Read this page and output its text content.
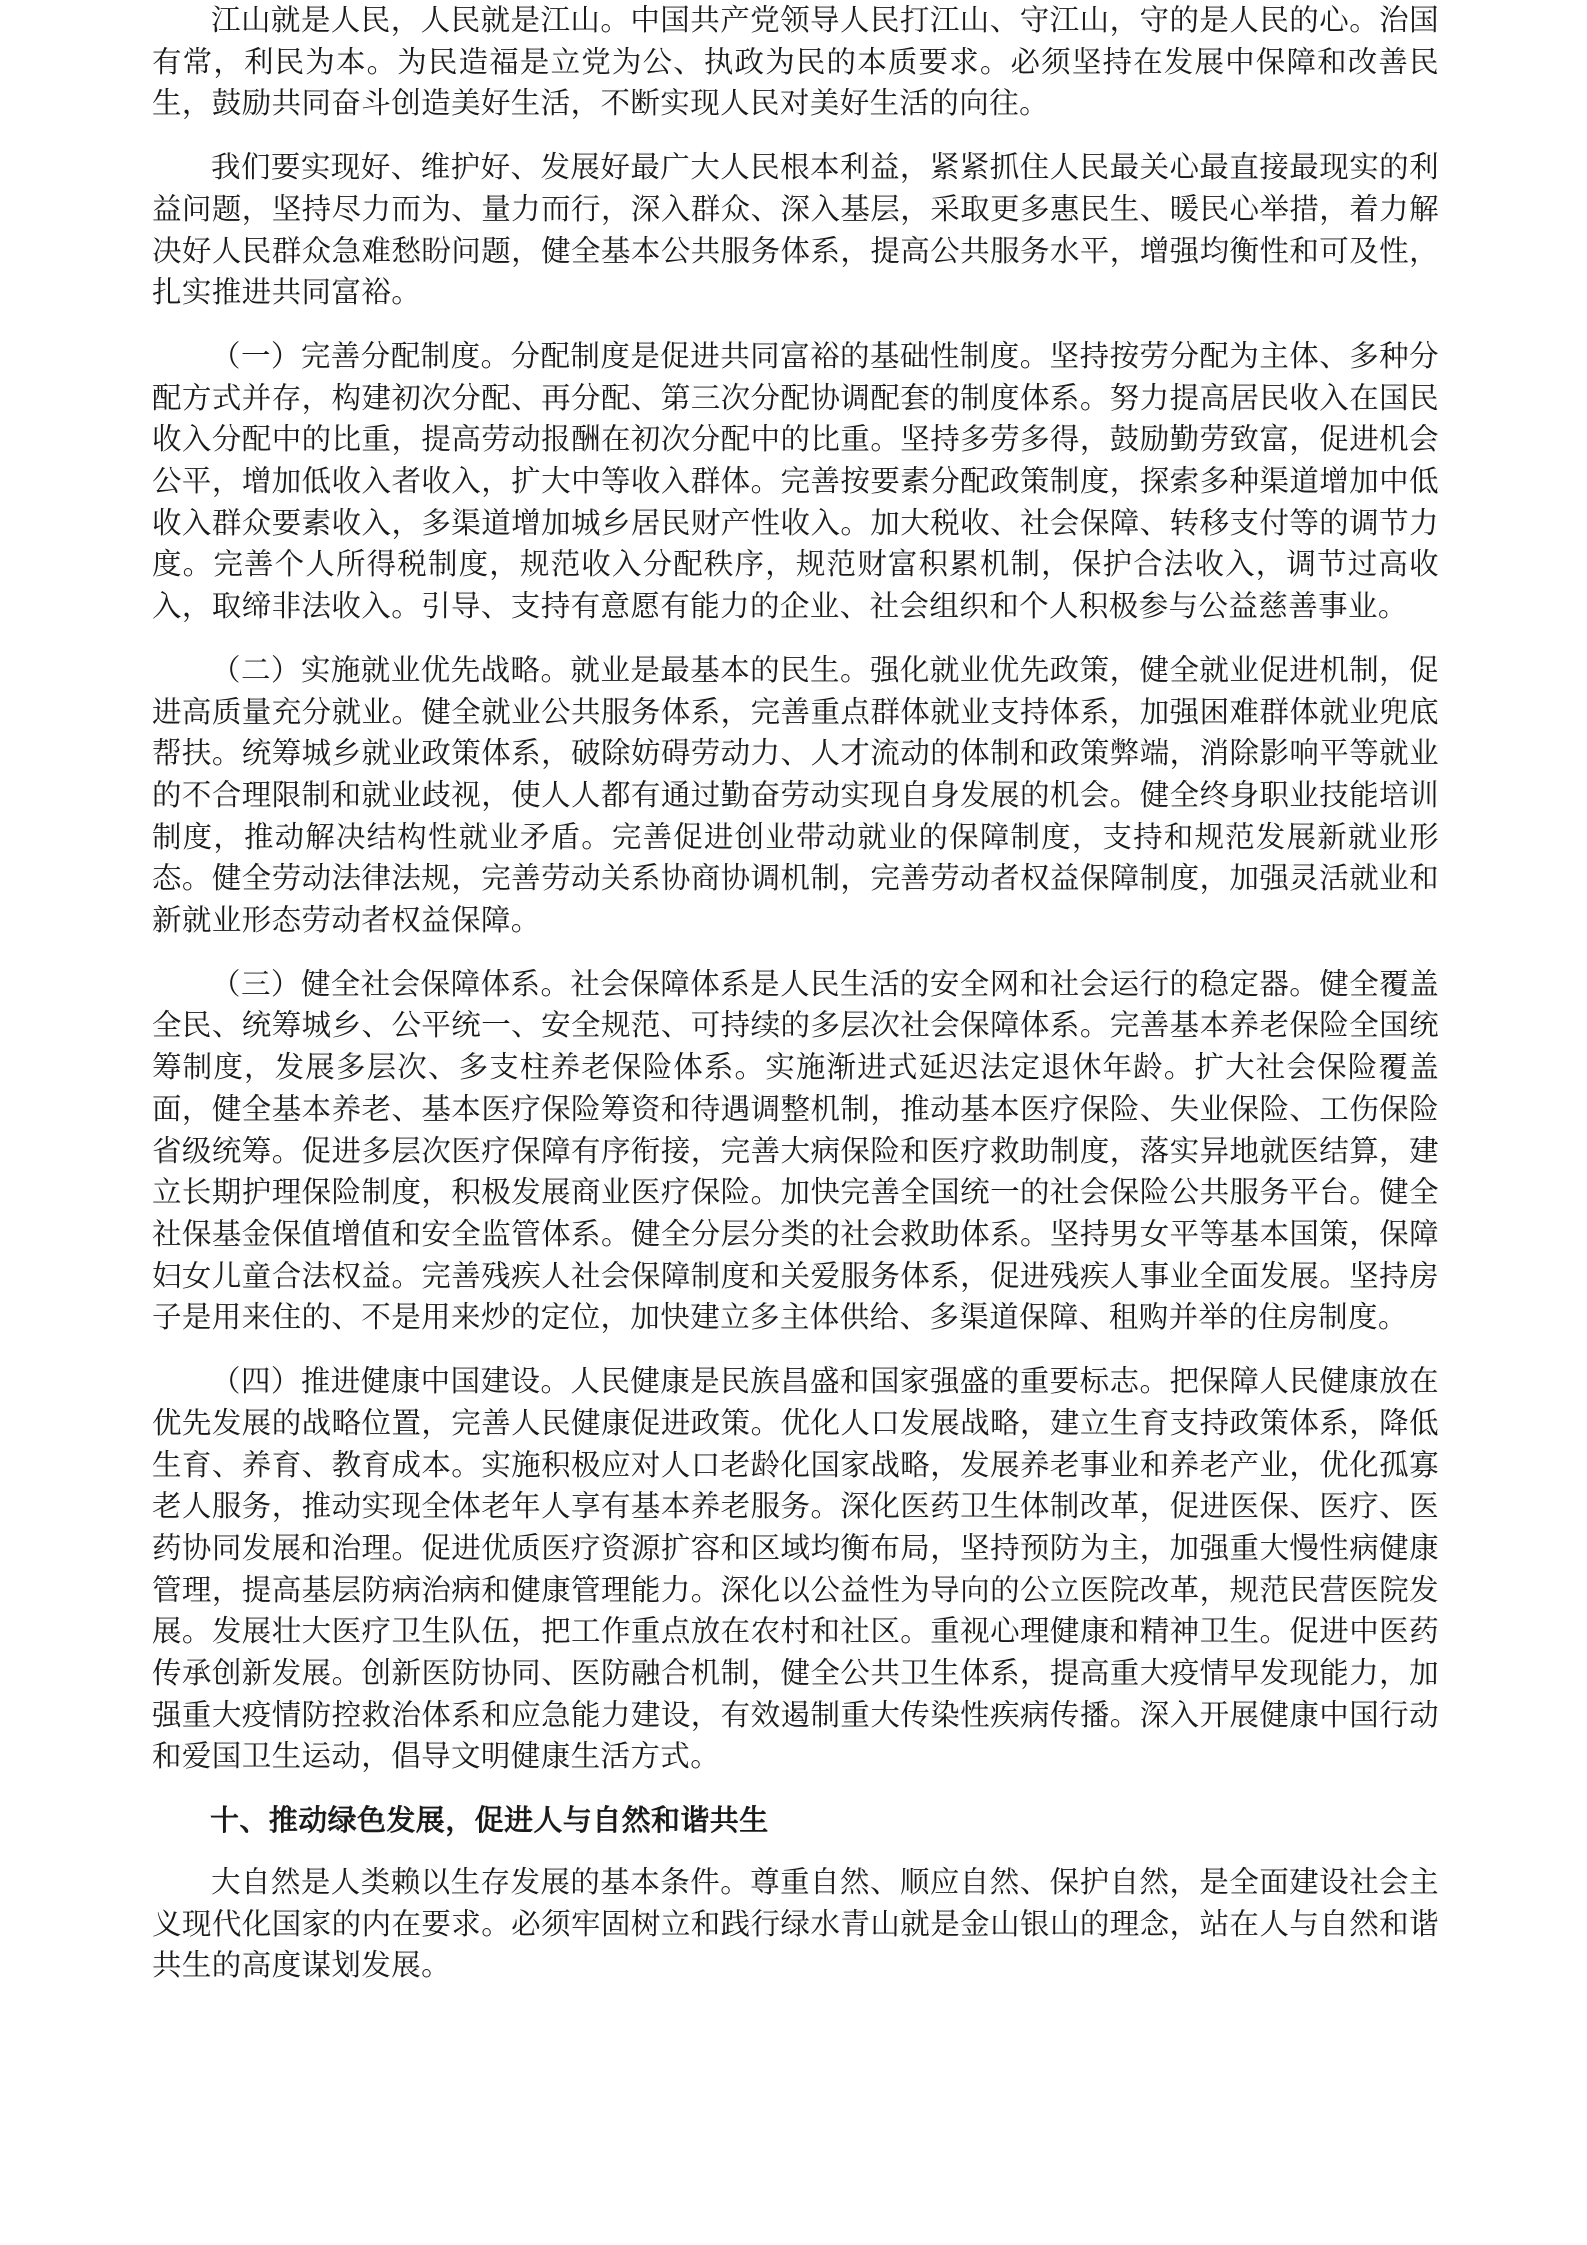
江山就是人民，人民就是江山。中国共产党领导人民打江山、守江山，守的是人民的心。治国有常，利民为本。为民造福是立党为公、执政为民的本质要求。必须坚持在发展中保障和改善民生，鼓励共同奋斗创造美好生活，不断实现人民对美好生活的向往。

我们要实现好、维护好、发展好最广大人民根本利益，紧紧抓住人民最关心最直接最现实的利益问题，坚持尽力而为、量力而行，深入群众、深入基层，采取更多惠民生、暖民心举措，着力解决好人民群众急难愁盼问题，健全基本公共服务体系，提高公共服务水平，增强均衡性和可及性，扎实推进共同富裕。

（一）完善分配制度。分配制度是促进共同富裕的基础性制度。坚持按劳分配为主体、多种分配方式并存，构建初次分配、再分配、第三次分配协调配套的制度体系。努力提高居民收入在国民收入分配中的比重，提高劳动报酬在初次分配中的比重。坚持多劳多得，鼓励勤劳致富，促进机会公平，增加低收入者收入，扩大中等收入群体。完善按要素分配政策制度，探索多种渠道增加中低收入群众要素收入，多渠道增加城乡居民财产性收入。加大税收、社会保障、转移支付等的调节力度。完善个人所得税制度，规范收入分配秩序，规范财富积累机制，保护合法收入，调节过高收入，取缔非法收入。引导、支持有意愿有能力的企业、社会组织和个人积极参与公益慈善事业。

（二）实施就业优先战略。就业是最基本的民生。强化就业优先政策，健全就业促进机制，促进高质量充分就业。健全就业公共服务体系，完善重点群体就业支持体系，加强困难群体就业兜底帮扶。统筹城乡就业政策体系，破除妨碍劳动力、人才流动的体制和政策弊端，消除影响平等就业的不合理限制和就业歧视，使人人都有通过勤奋劳动实现自身发展的机会。健全终身职业技能培训制度，推动解决结构性就业矛盾。完善促进创业带动就业的保障制度，支持和规范发展新就业形态。健全劳动法律法规，完善劳动关系协商协调机制，完善劳动者权益保障制度，加强灵活就业和新就业形态劳动者权益保障。

（三）健全社会保障体系。社会保障体系是人民生活的安全网和社会运行的稳定器。健全覆盖全民、统筹城乡、公平统一、安全规范、可持续的多层次社会保障体系。完善基本养老保险全国统筹制度，发展多层次、多支柱养老保险体系。实施渐进式延迟法定退休年龄。扩大社会保险覆盖面，健全基本养老、基本医疗保险筹资和待遇调整机制，推动基本医疗保险、失业保险、工伤保险省级统筹。促进多层次医疗保障有序衔接，完善大病保险和医疗救助制度，落实异地就医结算，建立长期护理保险制度，积极发展商业医疗保险。加快完善全国统一的社会保险公共服务平台。健全社保基金保值增值和安全监管体系。健全分层分类的社会救助体系。坚持男女平等基本国策，保障妇女儿童合法权益。完善残疾人社会保障制度和关爱服务体系，促进残疾人事业全面发展。坚持房子是用来住的、不是用来炒的定位，加快建立多主体供给、多渠道保障、租购并举的住房制度。

（四）推进健康中国建设。人民健康是民族昌盛和国家强盛的重要标志。把保障人民健康放在优先发展的战略位置，完善人民健康促进政策。优化人口发展战略，建立生育支持政策体系，降低生育、养育、教育成本。实施积极应对人口老龄化国家战略，发展养老事业和养老产业，优化孤寡老人服务，推动实现全体老年人享有基本养老服务。深化医药卫生体制改革，促进医保、医疗、医药协同发展和治理。促进优质医疗资源扩容和区域均衡布局，坚持预防为主，加强重大慢性病健康管理，提高基层防病治病和健康管理能力。深化以公益性为导向的公立医院改革，规范民营医院发展。发展壮大医疗卫生队伍，把工作重点放在农村和社区。重视心理健康和精神卫生。促进中医药传承创新发展。创新医防协同、医防融合机制，健全公共卫生体系，提高重大疫情早发现能力，加强重大疫情防控救治体系和应急能力建设，有效遏制重大传染性疾病传播。深入开展健康中国行动和爱国卫生运动，倡导文明健康生活方式。

十、推动绿色发展，促进人与自然和谐共生

大自然是人类赖以生存发展的基本条件。尊重自然、顺应自然、保护自然，是全面建设社会主义现代化国家的内在要求。必须牢固树立和践行绿水青山就是金山银山的理念，站在人与自然和谐共生的高度谋划发展。
